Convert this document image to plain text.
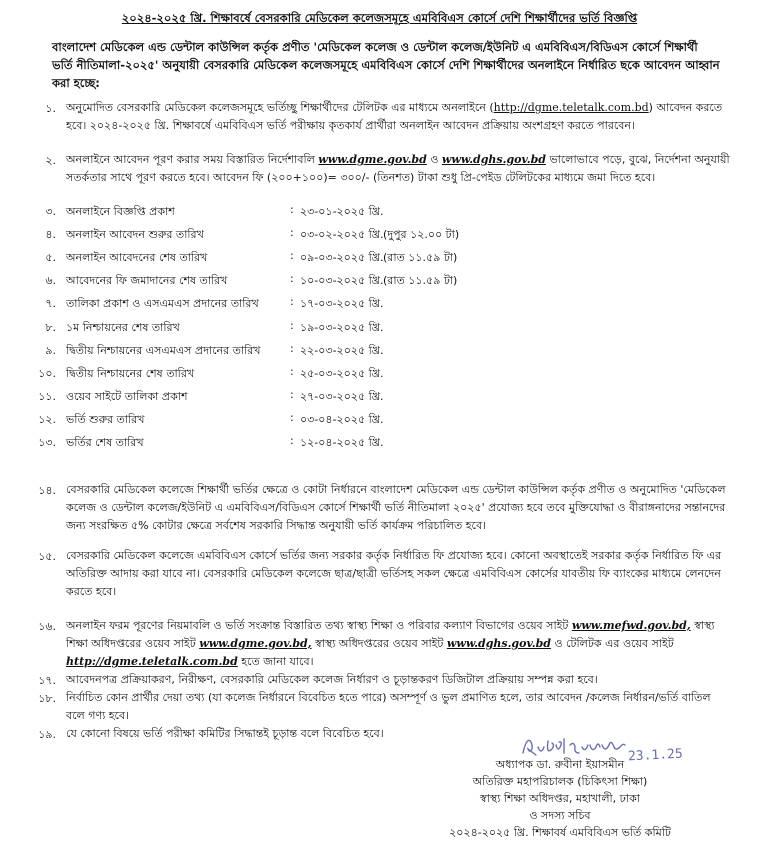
২০২৪-২০২৫ খ্রি. শিক্ষাবর্ষে বেসরকারি মেডিকেল কলেজসমূহে এমবিবিএস কোর্সে দেশি শিক্ষার্থীদের ভর্তি বিজ্ঞপ্তি
বাংলাদেশ মেডিকেল এন্ড ডেন্টাল কাউন্সিল কর্তৃক প্রণীত 'মেডিকেল কলেজ ও ডেন্টাল কলেজ/ইউনিট এ এমবিবিএস/বিডিএস কোর্সে শিক্ষার্থী ভর্তি নীতিমালা-২০২৫' অনুযায়ী বেসরকারি মেডিকেল কলেজসমূহে এমবিবিএস কোর্সে দেশি শিক্ষার্থীদের অনলাইনে নির্ধারিত ছকে আবেদন আহ্বান করা হচ্ছে:
১. অনুমোদিত বেসরকারি মেডিকেল কলেজসমূহে ভর্তিচ্ছু শিক্ষার্থীদের টেলিটক এর মাধ্যমে অনলাইনে (http://dgme.teletalk.com.bd) আবেদন করতে হবে। ২০২৪-২০২৫ খ্রি. শিক্ষাবর্ষে এমবিবিএস ভর্তি পরীক্ষায় কৃতকার্য প্রার্থীরা অনলাইন আবেদন প্রক্রিয়ায় অংশগ্রহণ করতে পারবেন।
২. অনলাইনে আবেদন পূরণ করার সময় বিস্তারিত নির্দেশাবলি www.dgme.gov.bd ও www.dghs.gov.bd ভালোভাবে পড়ে, বুঝে, নির্দেশনা অনুযায়ী সতর্কতার সাথে পূরণ করতে হবে। আবেদন ফি (২০০+১০০)= ৩০০/- (তিনশত) টাকা শুধু প্রি-পেইড টেলিটকের মাধ্যমে জমা দিতে হবে।
৩. অনলাইনে বিজ্ঞপ্তি প্রকাশ	: ২৩-০১-২০২৫ খ্রি.
৪. অনলাইন আবেদন শুরুর তারিখ	: ০৩-০২-২০২৫ খ্রি. (দুপুর ১২.০০ টা)
৫. অনলাইন আবেদনের শেষ তারিখ	: ০৯-০৩-২০২৫ খ্রি. (রাত ১১.৫৯ টা)
৬. আবেদনের ফি জমাদানের শেষ তারিখ	: ১০-০৩-২০২৫ খ্রি. (রাত ১১.৫৯ টা)
৭. তালিকা প্রকাশ ও এসএমএস প্রদানের তারিখ	: ১৭-০৩-২০২৫ খ্রি.
৮. ১ম নিশ্চায়নের শেষ তারিখ	: ১৯-০৩-২০২৫ খ্রি.
৯. দ্বিতীয় নিশ্চায়নের এসএমএস প্রদানের তারিখ	: ২২-০৩-২০২৫ খ্রি.
১০. দ্বিতীয় নিশ্চায়নের শেষ তারিখ	: ২৫-০৩-২০২৫ খ্রি.
১১. ওয়েব সাইটে তালিকা প্রকাশ	: ২৭-০৩-২০২৫ খ্রি.
১২. ভর্তি শুরুর তারিখ	: ০৩-০৪-২০২৫ খ্রি.
১৩. ভর্তির শেষ তারিখ	: ১২-০৪-২০২৫ খ্রি.
১৪. বেসরকারি মেডিকেল কলেজে শিক্ষার্থী ভর্তির ক্ষেত্রে ও কোটা নির্ধারনে বাংলাদেশ মেডিকেল এন্ড ডেন্টাল কাউন্সিল কর্তৃক প্রণীত ও অনুমোদিত 'মেডিকেল কলেজ ও ডেন্টাল কলেজ/ইউনিট এ এমবিবিএস/বিডিএস কোর্সে শিক্ষার্থী ভর্তি নীতিমালা ২০২৫' প্রযোজ্য হবে তবে মুক্তিযোদ্ধা ও বীরাঙ্গনাদের সন্তানদের জন্য সংরক্ষিত ৫% কোটার ক্ষেত্রে সর্বশেষ সরকারি সিদ্ধান্ত অনুযায়ী ভর্তি কার্যক্রম পরিচালিত হবে।
১৫. বেসরকারি মেডিকেল কলেজে এমবিবিএস কোর্সে ভর্তির জন্য সরকার কর্তৃক নির্ধারিত ফি প্রযোজ্য হবে। কোনো অবস্থাতেই সরকার কর্তৃক নির্ধারিত ফি এর অতিরিক্ত আদায় করা যাবে না। বেসরকারি মেডিকেল কলেজে ছাত্র/ছাত্রী ভর্তিসহ সকল ক্ষেত্রে এমবিবিএস কোর্সের যাবতীয় ফি ব্যাংকের মাধ্যমে লেনদেন করতে হবে।
১৬. অনলাইন ফরম পূরণের নিয়মাবলি ও ভর্তি সংক্রান্ত বিস্তারিত তথ্য স্বাস্থ্য শিক্ষা ও পরিবার কল্যাণ বিভাগের ওয়েব সাইট www.mefwd.gov.bd, স্বাস্থ্য শিক্ষা অধিদপ্তরের ওয়েব সাইট www.dgme.gov.bd, স্বাস্থ্য অধিদপ্তরের ওয়েব সাইট www.dghs.gov.bd ও টেলিটক এর ওয়েব সাইট http://dgme.teletalk.com.bd হতে জানা যাবে।
১৭. আবেদনপত্র প্রক্রিয়াকরণ, নিরীক্ষণ, বেসরকারি মেডিকেল কলেজ নির্ধারণ ও চূড়ান্তকরণ ডিজিটাল প্রক্রিয়ায় সম্পন্ন করা হবে।
১৮. নির্বাচিত কোন প্রার্থীর দেয়া তথ্য (যা কলেজ নির্ধারনে বিবেচিত হতে পারে) অসম্পূর্ণ ও ভুল প্রমাণিত হলে, তার আবেদন /কলেজ নির্ধারন/ভর্তি বাতিল বলে গণ্য হবে।
১৯. যে কোনো বিষয়ে ভর্তি পরীক্ষা কমিটির সিদ্ধান্তই চূড়ান্ত বলে বিবেচিত হবে।
23.1.25
অধ্যাপক ডা. রুবীনা ইয়াসমীন
অতিরিক্ত মহাপরিচালক (চিকিৎসা শিক্ষা)
স্বাস্থ্য শিক্ষা অধিদপ্তর, মহাখালী, ঢাকা
ও সদস্য সচিব
২০২৪-২০২৫ খ্রি. শিক্ষাবর্ষ এমবিবিএস ভর্তি কমিটি
